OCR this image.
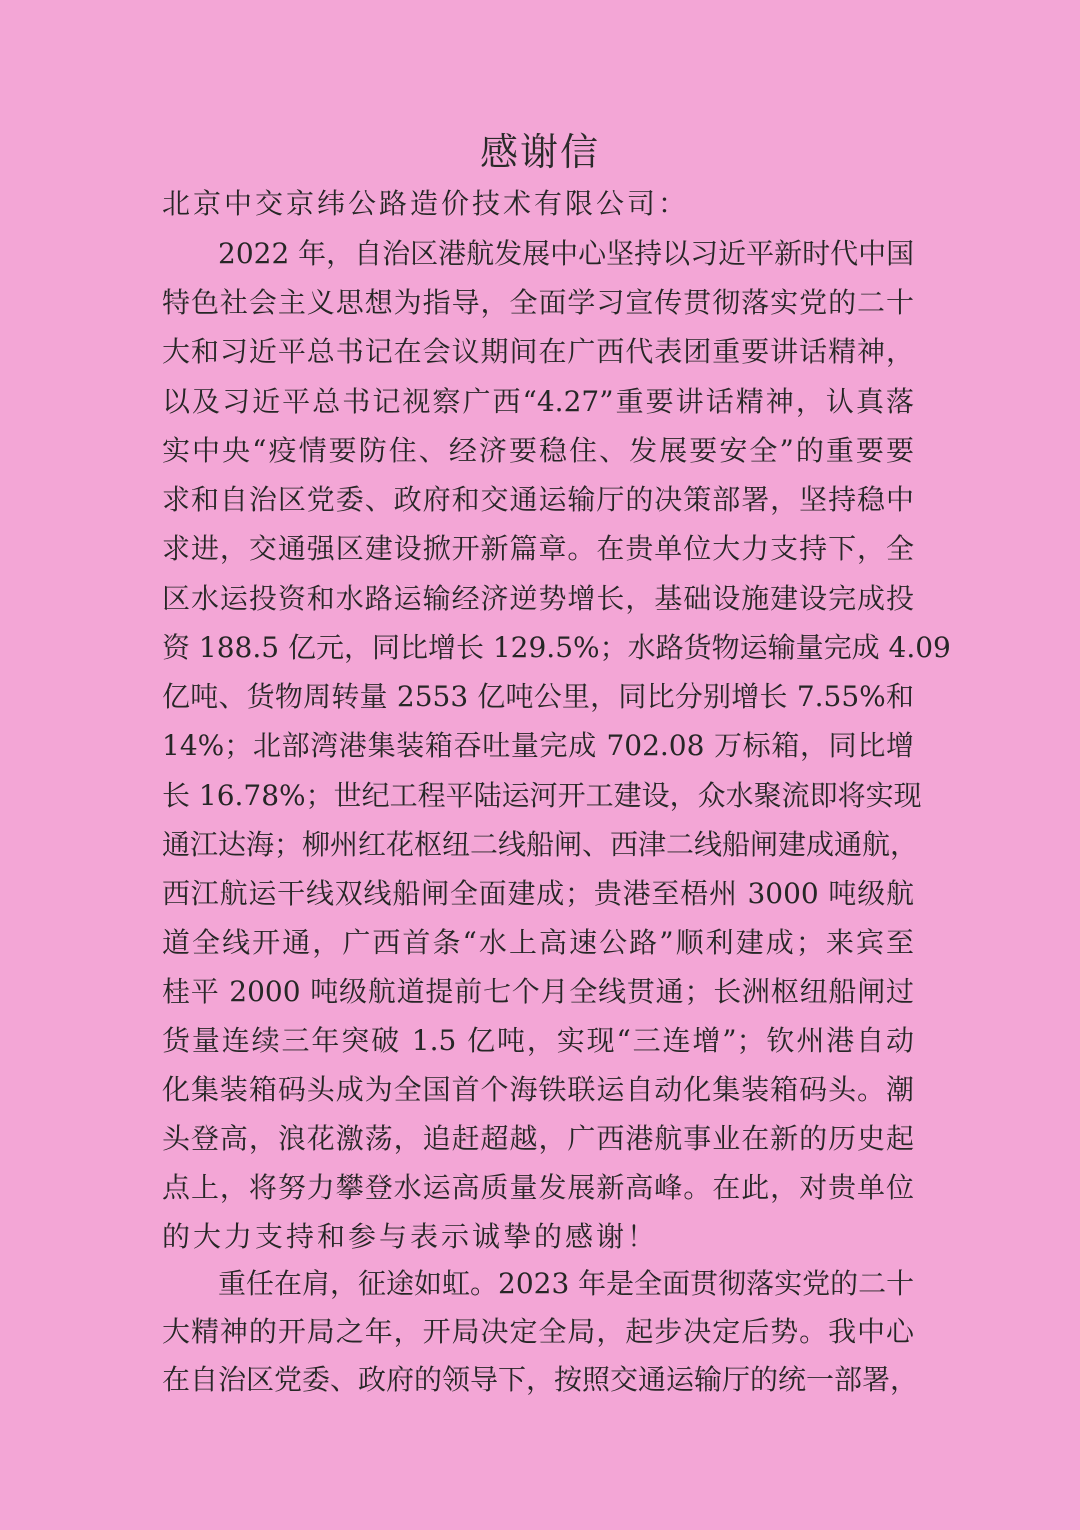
感谢信
北京中交京纬公路造价技术有限公司：
2022 年，自治区港航发展中心坚持以习近平新时代中国
特色社会主义思想为指导，全面学习宣传贯彻落实党的二十
大和习近平总书记在会议期间在广西代表团重要讲话精神，
以及习近平总书记视察广西“4.27”重要讲话精神，认真落
实中央“疫情要防住、经济要稳住、发展要安全”的重要要
求和自治区党委、政府和交通运输厅的决策部署，坚持稳中
求进，交通强区建设掀开新篇章。在贵单位大力支持下，全
区水运投资和水路运输经济逆势增长，基础设施建设完成投
资 188.5 亿元，同比增长 129.5%；水路货物运输量完成 4.09
亿吨、货物周转量 2553 亿吨公里，同比分别增长 7.55%和
14%；北部湾港集装箱吞吐量完成 702.08 万标箱，同比增
长 16.78%；世纪工程平陆运河开工建设，众水聚流即将实现
通江达海；柳州红花枢纽二线船闸、西津二线船闸建成通航，
西江航运干线双线船闸全面建成；贵港至梧州 3000 吨级航
道全线开通，广西首条“水上高速公路”顺利建成；来宾至
桂平 2000 吨级航道提前七个月全线贯通；长洲枢纽船闸过
货量连续三年突破 1.5 亿吨，实现“三连增”；钦州港自动
化集装箱码头成为全国首个海铁联运自动化集装箱码头。潮
头登高，浪花激荡，追赶超越，广西港航事业在新的历史起
点上，将努力攀登水运高质量发展新高峰。在此，对贵单位
的大力支持和参与表示诚挚的感谢！
重任在肩，征途如虹。2023 年是全面贯彻落实党的二十
大精神的开局之年，开局决定全局，起步决定后势。我中心
在自治区党委、政府的领导下，按照交通运输厅的统一部署，
